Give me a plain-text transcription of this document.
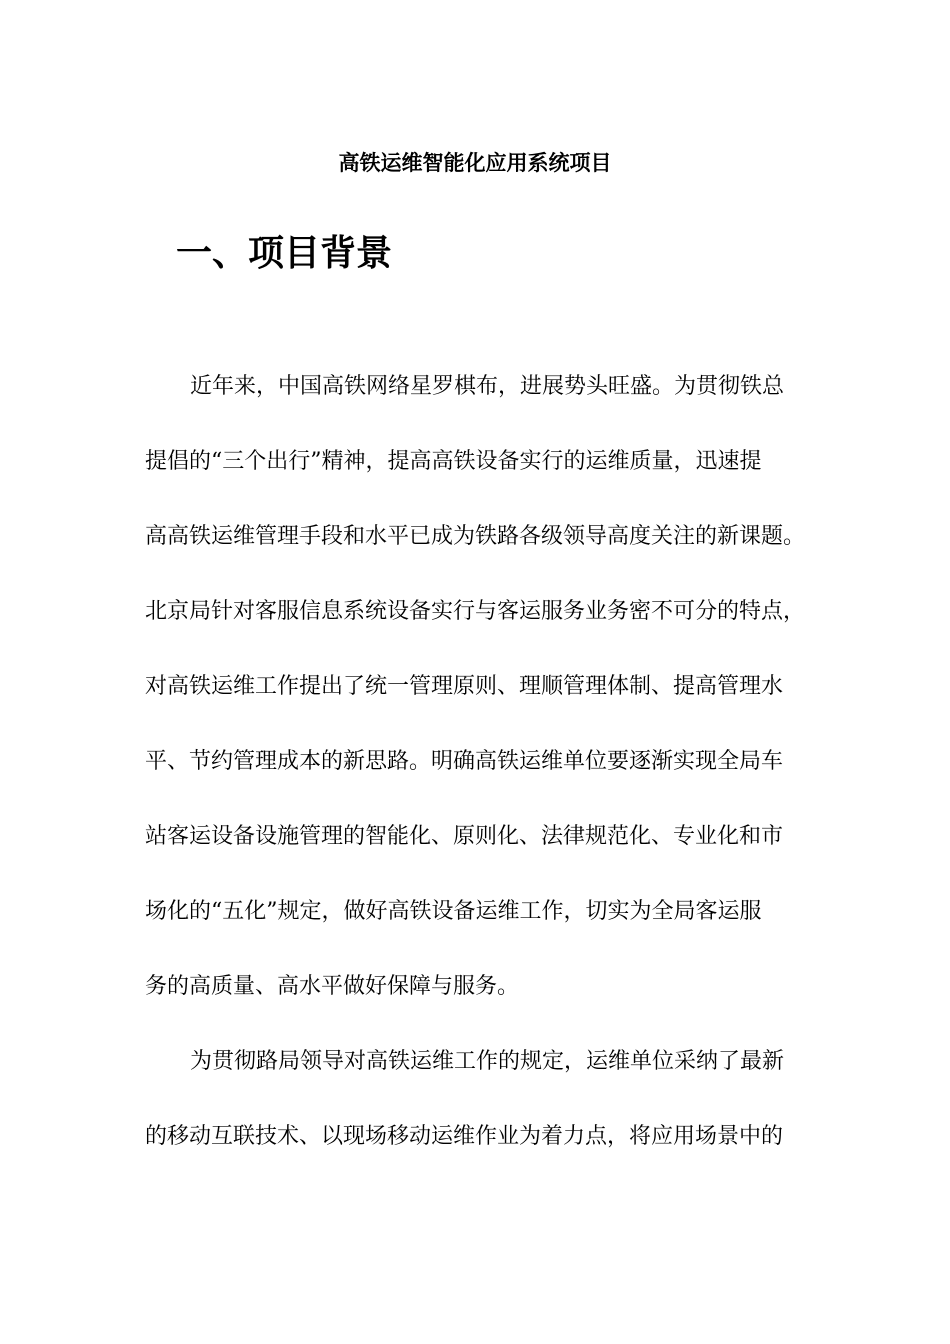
高铁运维智能化应用系统项目
一、项目背景

近年来，中国高铁网络星罗棋布，进展势头旺盛。为贯彻铁总

提倡的“三个出行”精神，提高高铁设备实行的运维质量，迅速提

高高铁运维管理手段和水平已成为铁路各级领导高度关注的新课题。

北京局针对客服信息系统设备实行与客运服务业务密不可分的特点，

对高铁运维工作提出了统一管理原则、理顺管理体制、提高管理水

平、节约管理成本的新思路。明确高铁运维单位要逐渐实现全局车

站客运设备设施管理的智能化、原则化、法律规范化、专业化和市

场化的“五化”规定，做好高铁设备运维工作，切实为全局客运服

务的高质量、高水平做好保障与服务。

为贯彻路局领导对高铁运维工作的规定，运维单位采纳了最新

的移动互联技术、以现场移动运维作业为着力点，将应用场景中的
